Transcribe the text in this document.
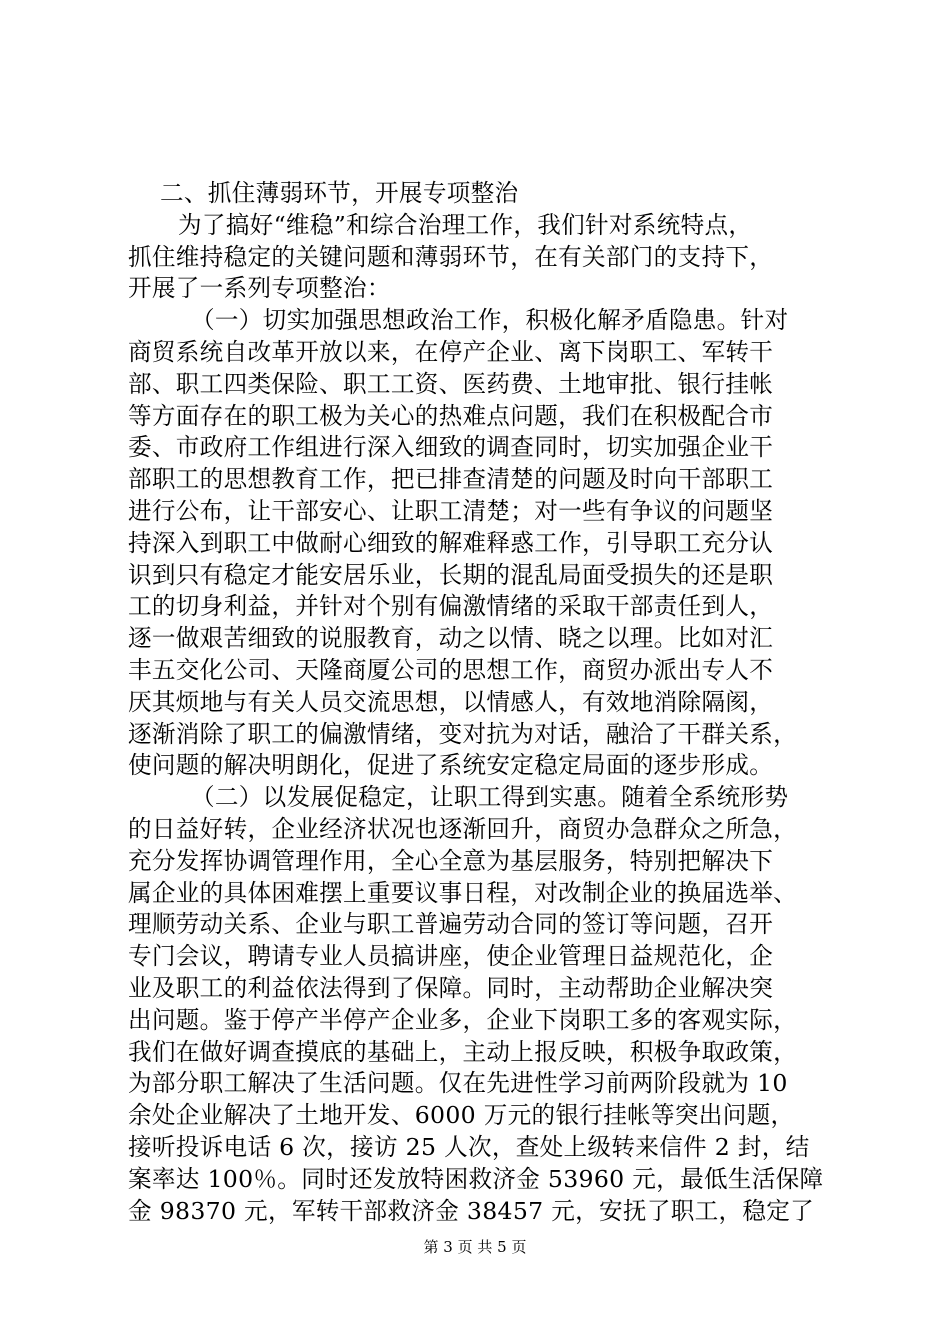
二、抓住薄弱环节，开展专项整治
为了搞好“维稳”和综合治理工作，我们针对系统特点，
抓住维持稳定的关键问题和薄弱环节，在有关部门的支持下，
开展了一系列专项整治：
（一）切实加强思想政治工作，积极化解矛盾隐患。针对
商贸系统自改革开放以来，在停产企业、离下岗职工、军转干
部、职工四类保险、职工工资、医药费、土地审批、银行挂帐
等方面存在的职工极为关心的热难点问题，我们在积极配合市
委、市政府工作组进行深入细致的调查同时，切实加强企业干
部职工的思想教育工作，把已排查清楚的问题及时向干部职工
进行公布，让干部安心、让职工清楚；对一些有争议的问题坚
持深入到职工中做耐心细致的解难释惑工作，引导职工充分认
识到只有稳定才能安居乐业，长期的混乱局面受损失的还是职
工的切身利益，并针对个别有偏激情绪的采取干部责任到人，
逐一做艰苦细致的说服教育，动之以情、晓之以理。比如对汇
丰五交化公司、天隆商厦公司的思想工作，商贸办派出专人不
厌其烦地与有关人员交流思想，以情感人，有效地消除隔阂，
逐渐消除了职工的偏激情绪，变对抗为对话，融洽了干群关系，
使问题的解决明朗化，促进了系统安定稳定局面的逐步形成。
（二）以发展促稳定，让职工得到实惠。随着全系统形势
的日益好转，企业经济状况也逐渐回升，商贸办急群众之所急，
充分发挥协调管理作用，全心全意为基层服务，特别把解决下
属企业的具体困难摆上重要议事日程，对改制企业的换届选举、
理顺劳动关系、企业与职工普遍劳动合同的签订等问题，召开
专门会议，聘请专业人员搞讲座，使企业管理日益规范化，企
业及职工的利益依法得到了保障。同时，主动帮助企业解决突
出问题。鉴于停产半停产企业多，企业下岗职工多的客观实际，
我们在做好调查摸底的基础上，主动上报反映，积极争取政策，
为部分职工解决了生活问题。仅在先进性学习前两阶段就为 10
余处企业解决了土地开发、6000 万元的银行挂帐等突出问题，
接听投诉电话 6 次，接访 25 人次，查处上级转来信件 2 封，结
案率达 100％。同时还发放特困救济金 53960 元，最低生活保障
金 98370 元，军转干部救济金 38457 元，安抚了职工，稳定了
第 3 页 共 5 页
